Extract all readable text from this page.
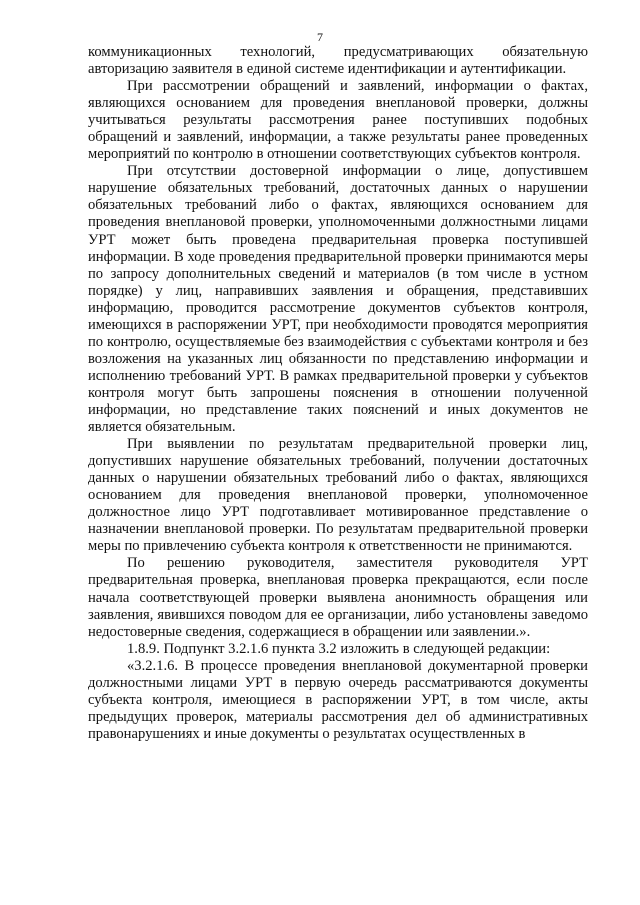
7

коммуникационных технологий, предусматривающих обязательную авторизацию заявителя в единой системе идентификации и аутентификации.

При рассмотрении обращений и заявлений, информации о фактах, являющихся основанием для проведения внеплановой проверки, должны учитываться результаты рассмотрения ранее поступивших подобных обращений и заявлений, информации, а также результаты ранее проведенных мероприятий по контролю в отношении соответствующих субъектов контроля.

При отсутствии достоверной информации о лице, допустившем нарушение обязательных требований, достаточных данных о нарушении обязательных требований либо о фактах, являющихся основанием для проведения внеплановой проверки, уполномоченными должностными лицами УРТ может быть проведена предварительная проверка поступившей информации. В ходе проведения предварительной проверки принимаются меры по запросу дополнительных сведений и материалов (в том числе в устном порядке) у лиц, направивших заявления и обращения, представивших информацию, проводится рассмотрение документов субъектов контроля, имеющихся в распоряжении УРТ, при необходимости проводятся мероприятия по контролю, осуществляемые без взаимодействия с субъектами контроля и без возложения на указанных лиц обязанности по представлению информации и исполнению требований УРТ. В рамках предварительной проверки у субъектов контроля могут быть запрошены пояснения в отношении полученной информации, но представление таких пояснений и иных документов не является обязательным.

При выявлении по результатам предварительной проверки лиц, допустивших нарушение обязательных требований, получении достаточных данных о нарушении обязательных требований либо о фактах, являющихся основанием для проведения внеплановой проверки, уполномоченное должностное лицо УРТ подготавливает мотивированное представление о назначении внеплановой проверки. По результатам предварительной проверки меры по привлечению субъекта контроля к ответственности не принимаются.

По решению руководителя, заместителя руководителя УРТ предварительная проверка, внеплановая проверка прекращаются, если после начала соответствующей проверки выявлена анонимность обращения или заявления, явившихся поводом для ее организации, либо установлены заведомо недостоверные сведения, содержащиеся в обращении или заявлении.».

1.8.9. Подпункт 3.2.1.6 пункта 3.2 изложить в следующей редакции:

«3.2.1.6. В процессе проведения внеплановой документарной проверки должностными лицами УРТ в первую очередь рассматриваются документы субъекта контроля, имеющиеся в распоряжении УРТ, в том числе, акты предыдущих проверок, материалы рассмотрения дел об административных правонарушениях и иные документы о результатах осуществленных в
